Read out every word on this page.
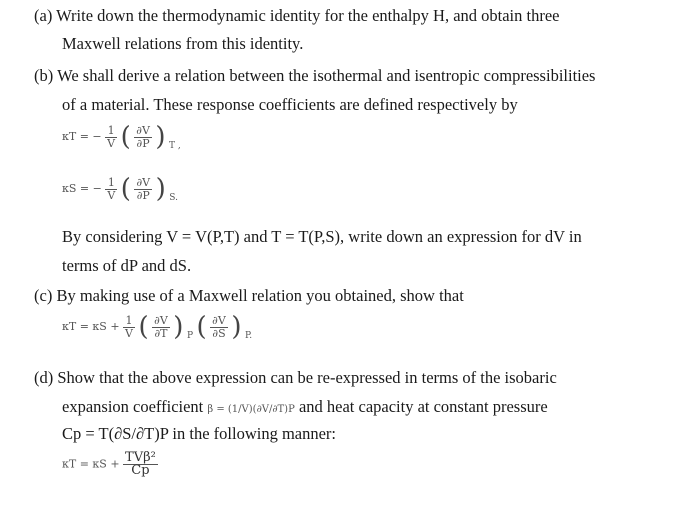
(a) Write down the thermodynamic identity for the enthalpy H, and obtain three
Maxwell relations from this identity.
(b) We shall derive a relation between the isothermal and isentropic compressibilities
of a material. These response coefficients are defined respectively by
κT = − $\frac{1}{V}$ ( $\frac{\partial V}{\partial P}$ ) $_{T ,}$
κS = − $\frac{1}{V}$ ( $\frac{\partial V}{\partial P}$ ) $_{S.}$
By considering V = V(P,T) and T = T(P,S), write down an expression for dV in
terms of dP and dS.
(c) By making use of a Maxwell relation you obtained, show that
$\kappa T = \kappa S + \frac{1}{V}$ ( $\frac{\partial V}{\partial T}$ ) $_P$ ( $\frac{\partial V}{\partial S}$ ) $_{P.}$
(d) Show that the above expression can be re-expressed in terms of the isobaric
expansion coefficient β = (1/V)(∂V/∂T)P and heat capacity at constant pressure
Cp = T(∂S/∂T)P in the following manner:
$\kappa T = \kappa S + \frac{\text{TVβ²}}{Cp}$
